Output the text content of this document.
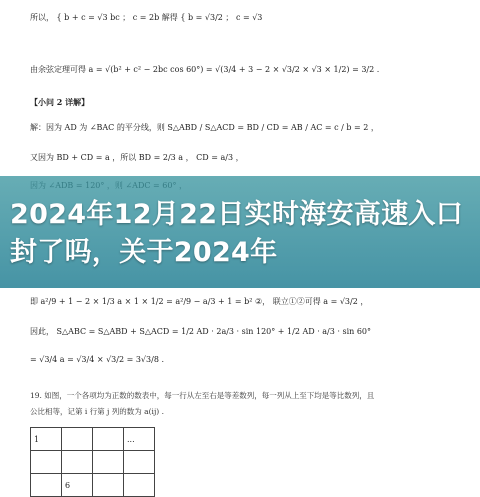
所以， { b + c = √3 bc ； c = 2b 解得 { b = √3/2 ； c = √3
由余弦定理可得 a = √(b² + c² − 2bc cos 60°) = √(3/4 + 3 − 2 × √3/2 × √3 × 1/2) = 3/2 .
【小问 2 详解】
解：因为 AD 为 ∠BAC 的平分线，则 S△ABD / S△ACD = BD / CD = AB / AC = c / b = 2 ，
又因为 BD + CD = a ，所以 BD = 2/3 a ， CD = a/3 ，
即 a²/9 + 1 − 2 × 1/3 a × 1 × 1/2 = a²/9 − a/3 + 1 = b² ②， 联立①②可得 a = √3/2 ，
因此， S△ABC = S△ABD + S△ACD = 1/2 AD · 2a/3 · sin 120° + 1/2 AD · a/3 · sin 60°
= √3/4 a = √3/4 × √3/2 = 3√3/8 .
19. 如图，一个各项均为正数的数表中，每一行从左至右是等差数列，每一列从上至下均是等比数列，且
公比相等，记第 i 行第 j 列的数为 a(ij) .
1			...

	6		
2024年12月22日实时海安高速入口封了吗，关于2024年
